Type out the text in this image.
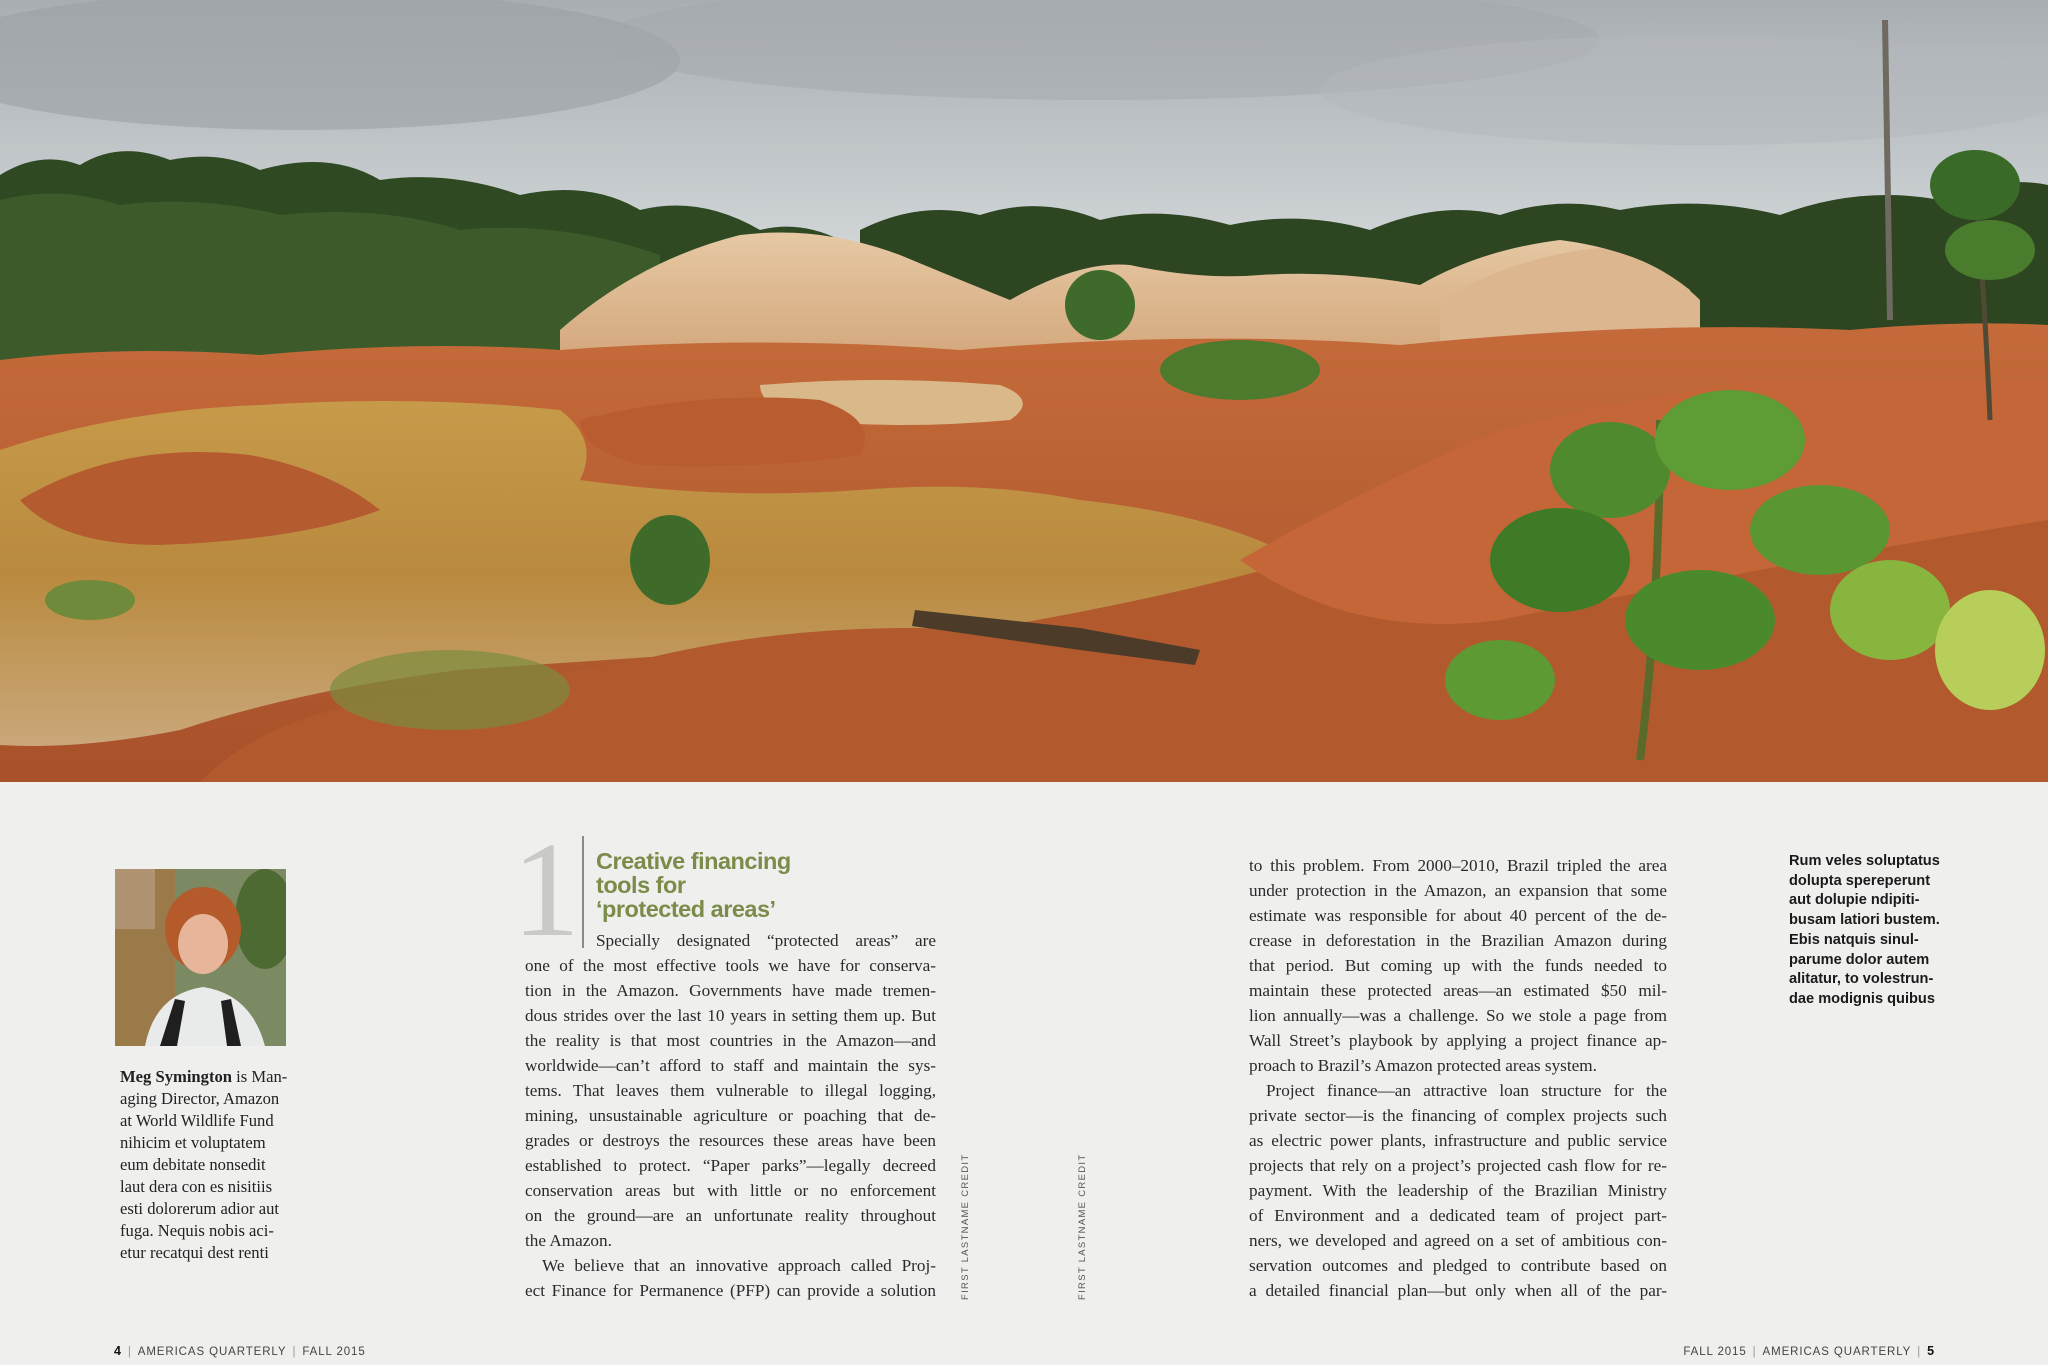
Meg Symington is Man-
aging Director, Amazon
at World Wildlife Fund
nihicim et voluptatem
eum debitate nonsedit
laut dera con es nisitiis
esti dolorerum adior aut
fuga. Nequis nobis aci-
etur recatqui dest renti
1 Creative financing
tools for
‘protected areas’
Specially designated “protected areas” are
one of the most effective tools we have for conserva-
tion in the Amazon. Governments have made tremen-
dous strides over the last 10 years in setting them up. But
the reality is that most countries in the Amazon—and
worldwide—can’t afford to staff and maintain the sys-
tems. That leaves them vulnerable to illegal logging,
mining, unsustainable agriculture or poaching that de-
grades or destroys the resources these areas have been
established to protect. “Paper parks”—legally decreed
conservation areas but with little or no enforcement
on the ground—are an unfortunate reality throughout
the Amazon.
We believe that an innovative approach called Proj-
ect Finance for Permanence (PFP) can provide a solution
to this problem. From 2000–2010, Brazil tripled the area
under protection in the Amazon, an expansion that some
estimate was responsible for about 40 percent of the de-
crease in deforestation in the Brazilian Amazon during
that period. But coming up with the funds needed to
maintain these protected areas—an estimated $50 mil-
lion annually—was a challenge. So we stole a page from
Wall Street’s playbook by applying a project finance ap-
proach to Brazil’s Amazon protected areas system.
Project finance—an attractive loan structure for the
private sector—is the financing of complex projects such
as electric power plants, infrastructure and public service
projects that rely on a project’s projected cash flow for re-
payment. With the leadership of the Brazilian Ministry
of Environment and a dedicated team of project part-
ners, we developed and agreed on a set of ambitious con-
servation outcomes and pledged to contribute based on
a detailed financial plan—but only when all of the par-
Rum veles soluptatus
dolupta spereperunt
aut dolupie ndipiti-
busam latiori bustem.
Ebis natquis sinul-
parume dolor autem
alitatur, to volestrun-
dae modignis quibus
FIRST LASTNAME CREDIT	FIRST LASTNAME CREDIT
4 | AMERICAS QUARTERLY | FALL 2015	FALL 2015 | AMERICAS QUARTERLY | 5
